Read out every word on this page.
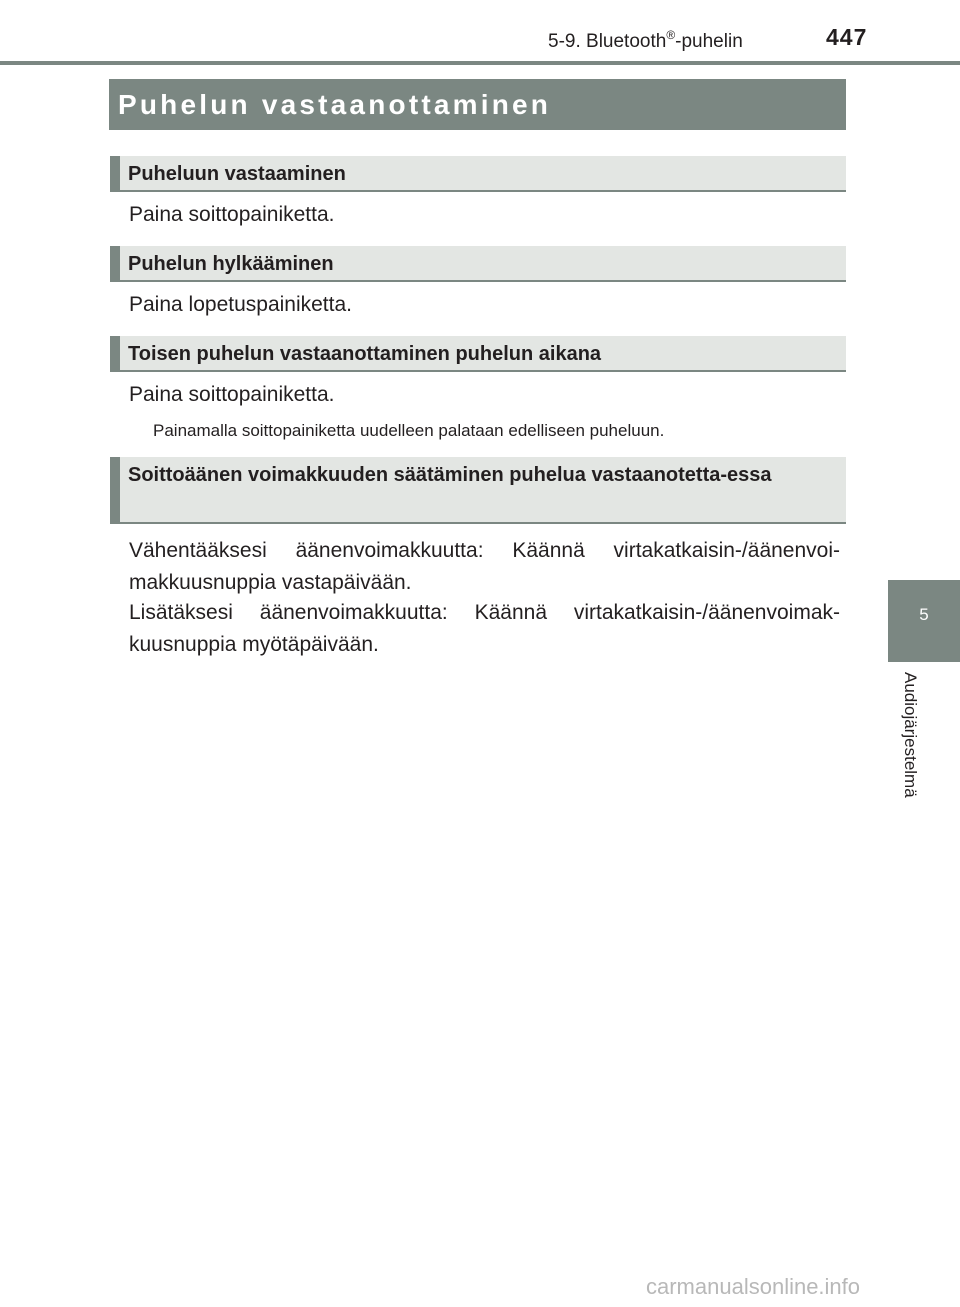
5-9. Bluetooth®-puhelin	447
Puhelun vastaanottaminen
Puheluun vastaaminen
Paina soittopainiketta.
Puhelun hylkääminen
Paina lopetuspainiketta.
Toisen puhelun vastaanottaminen puhelun aikana
Paina soittopainiketta.
Painamalla soittopainiketta uudelleen palataan edelliseen puheluun.
Soittoäänen voimakkuuden säätäminen puhelua vastaanotetta-essa
Vähentääksesi äänenvoimakkuutta: Käännä virtakatkaisin-/äänenvoi-makkuusnuppia vastapäivään.
Lisätäksesi äänenvoimakkuutta: Käännä virtakatkaisin-/äänenvoimak-kuusnuppia myötäpäivään.
5
Audiojärjestelmä
carmanualsonline.info
